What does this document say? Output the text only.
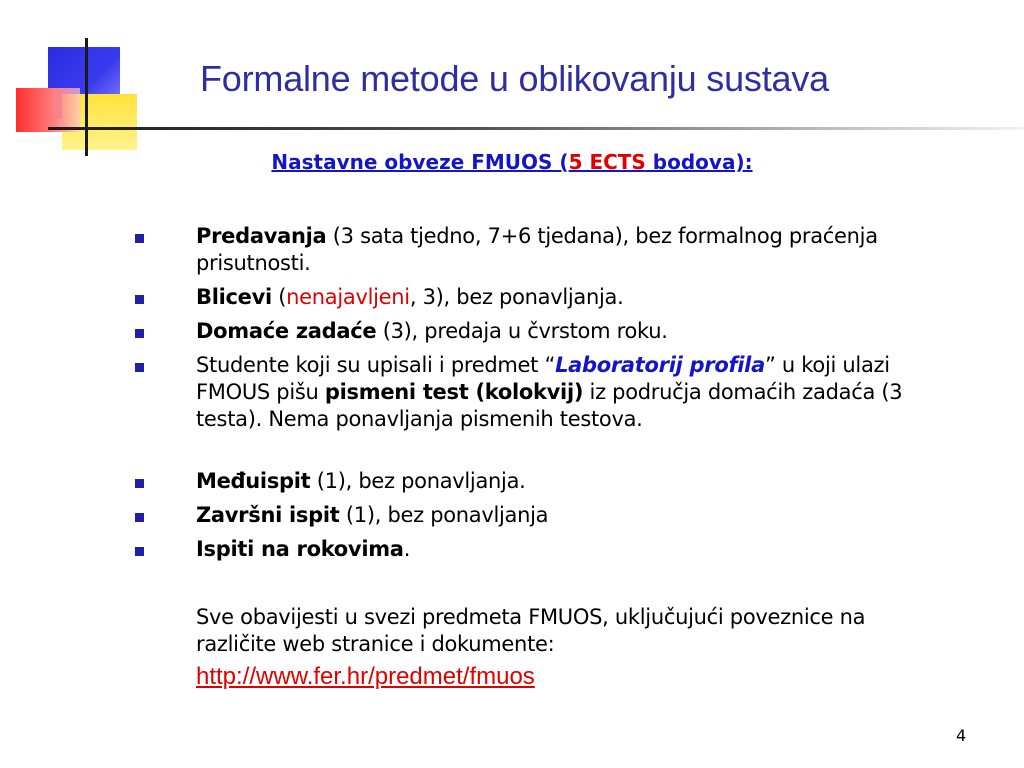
Formalne metode u oblikovanju sustava
Nastavne obveze FMUOS (5 ECTS bodova):
Predavanja (3 sata tjedno, 7+6 tjedana), bez formalnog praćenja prisutnosti.
Blicevi (nenajavljeni, 3), bez ponavljanja.
Domaće zadaće (3), predaja u čvrstom roku.
Studente koji su upisali i predmet “Laboratorij profila” u koji ulazi FMOUS pišu pismeni test (kolokvij) iz područja domaćih zadaća (3 testa). Nema ponavljanja pismenih testova.
Međuispit (1), bez ponavljanja.
Završni ispit (1), bez ponavljanja
Ispiti na rokovima.
Sve obavijesti u svezi predmeta FMUOS, uključujući poveznice na različite web stranice i dokumente:
http://www.fer.hr/predmet/fmuos
4
